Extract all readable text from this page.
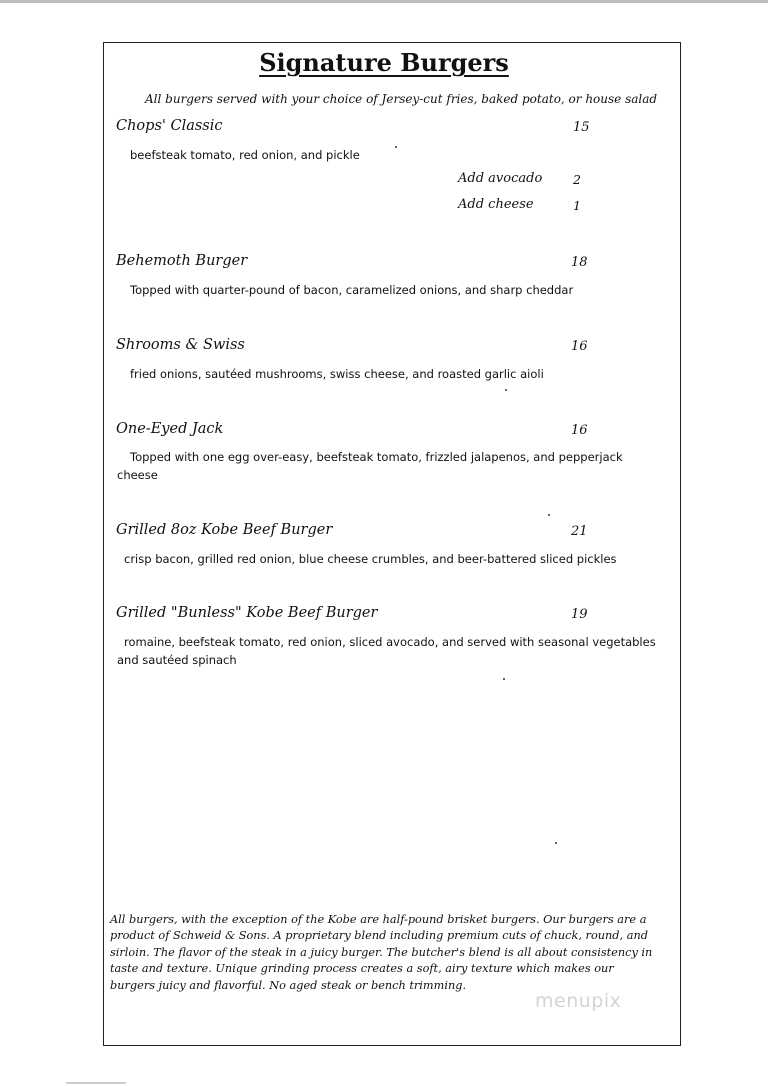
Signature Burgers
All burgers served with your choice of Jersey-cut fries, baked potato, or house salad
Chops' Classic	15
beefsteak tomato, red onion, and pickle
Add avocado 2
Add cheese	1
Behemoth Burger	18
Topped with quarter-pound of bacon, caramelized onions, and sharp cheddar
Shrooms & Swiss	16
fried onions, sautéed mushrooms, swiss cheese, and roasted garlic aioli
One-Eyed Jack	16
Topped with one egg over-easy, beefsteak tomato, frizzled jalapenos, and pepperjack cheese
Grilled 8oz Kobe Beef Burger	21
crisp bacon, grilled red onion, blue cheese crumbles, and beer-battered sliced pickles
Grilled "Bunless" Kobe Beef Burger	19
romaine, beefsteak tomato, red onion, sliced avocado, and served with seasonal vegetables and sautéed spinach
All burgers, with the exception of the Kobe are half-pound brisket burgers. Our burgers are a product of Schweid & Sons. A proprietary blend including premium cuts of chuck, round, and sirloin. The flavor of the steak in a juicy burger. The butcher's blend is all about consistency in taste and texture. Unique grinding process creates a soft, airy texture which makes our burgers juicy and flavorful. No aged steak or bench trimming.
menupix
